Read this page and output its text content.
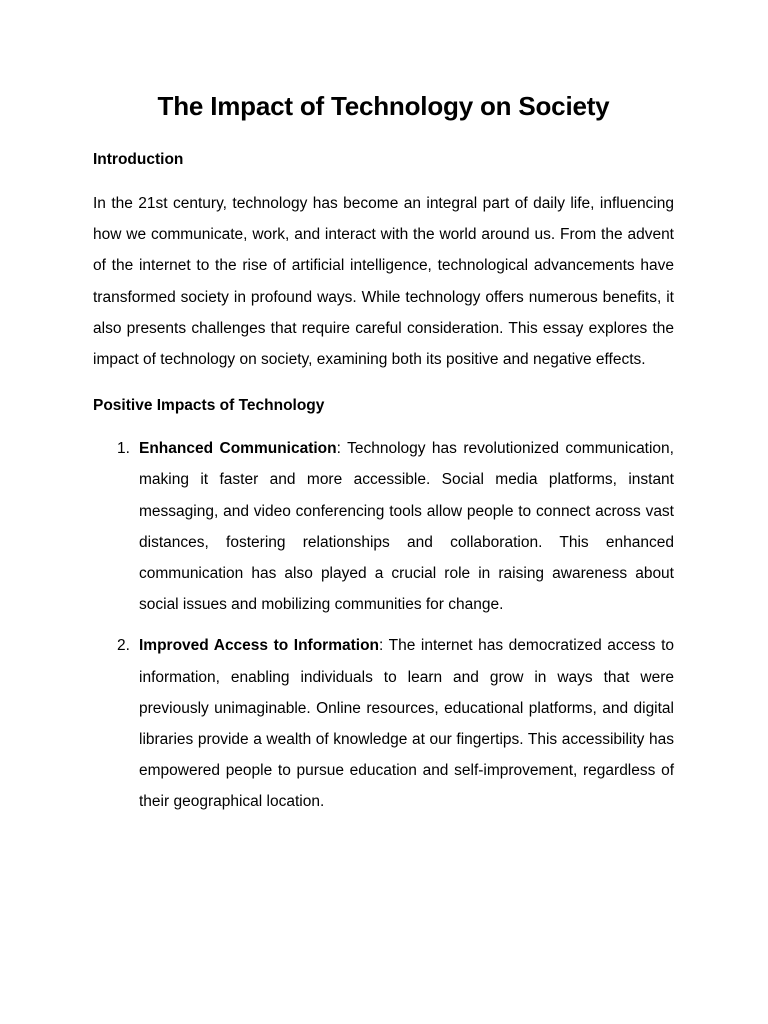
The Impact of Technology on Society
Introduction

In the 21st century, technology has become an integral part of daily life, influencing how we communicate, work, and interact with the world around us. From the advent of the internet to the rise of artificial intelligence, technological advancements have transformed society in profound ways. While technology offers numerous benefits, it also presents challenges that require careful consideration. This essay explores the impact of technology on society, examining both its positive and negative effects.

Positive Impacts of Technology
1. Enhanced Communication: Technology has revolutionized communication, making it faster and more accessible. Social media platforms, instant messaging, and video conferencing tools allow people to connect across vast distances, fostering relationships and collaboration. This enhanced communication has also played a crucial role in raising awareness about social issues and mobilizing communities for change.
2. Improved Access to Information: The internet has democratized access to information, enabling individuals to learn and grow in ways that were previously unimaginable. Online resources, educational platforms, and digital libraries provide a wealth of knowledge at our fingertips. This accessibility has empowered people to pursue education and self-improvement, regardless of their geographical location.
